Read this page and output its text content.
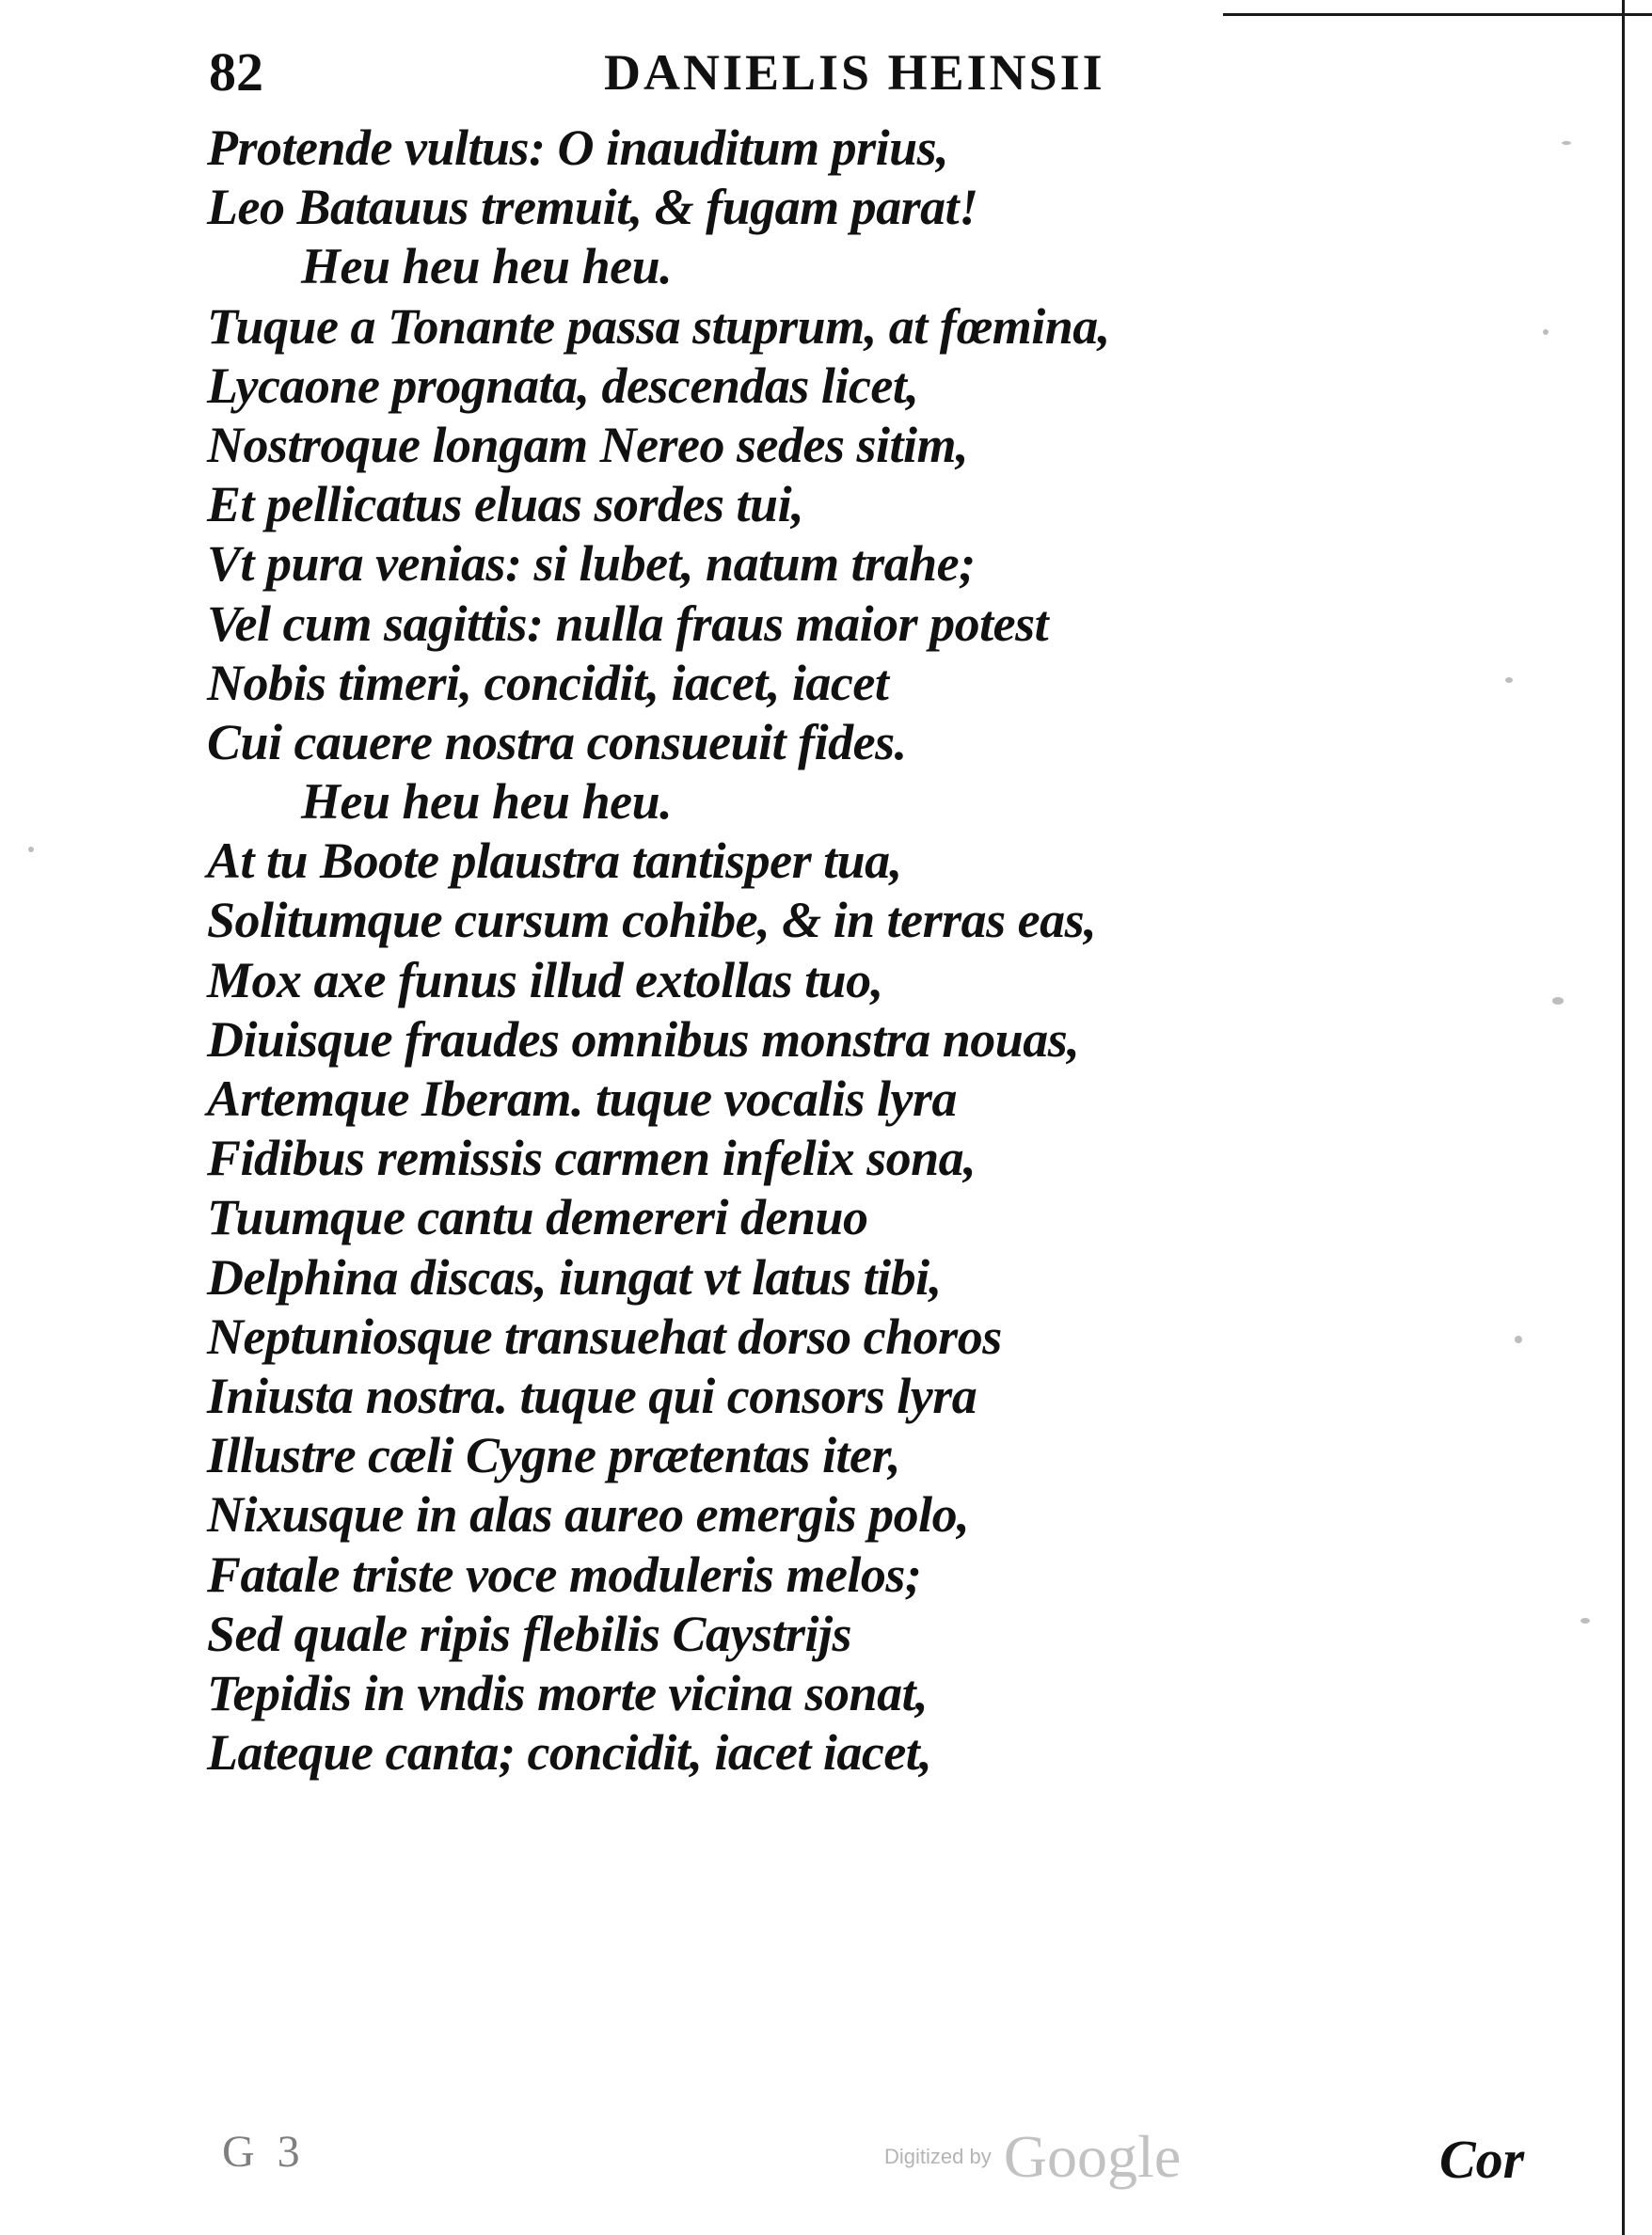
82	DANIELIS HEINSII
Protende vultus: O inauditum prius,
Leo Batauus tremuit, & fugam parat!
Heu heu heu heu.
Tuque a Tonante passa stuprum, at fœmina,
Lycaone prognata, descendas licet,
Nostroque longam Nereo sedes sitim,
Et pellicatus eluas sordes tui,
Vt pura venias: si lubet, natum trahe;
Vel cum sagittis: nulla fraus maior potest
Nobis timeri, concidit, iacet, iacet
Cui cauere nostra consueuit fides.
Heu heu heu heu.
At tu Boote plaustra tantisper tua,
Solitumque cursum cohibe, & in terras eas,
Mox axe funus illud extollas tuo,
Diuisque fraudes omnibus monstra nouas,
Artemque Iberam. tuque vocalis lyra
Fidibus remissis carmen infelix sona,
Tuumque cantu demereri denuo
Delphina discas, iungat vt latus tibi,
Neptuniosque transuehat dorso choros
Iniusta nostra. tuque qui consors lyra
Illustre cæli Cygne prætentas iter,
Nixusque in alas aureo emergis polo,
Fatale triste voce moduleris melos;
Sed quale ripis flebilis Caystrijs
Tepidis in vndis morte vicina sonat,
Lateque canta; concidit, iacet iacet,
G 3	Digitized by Google	Cor
